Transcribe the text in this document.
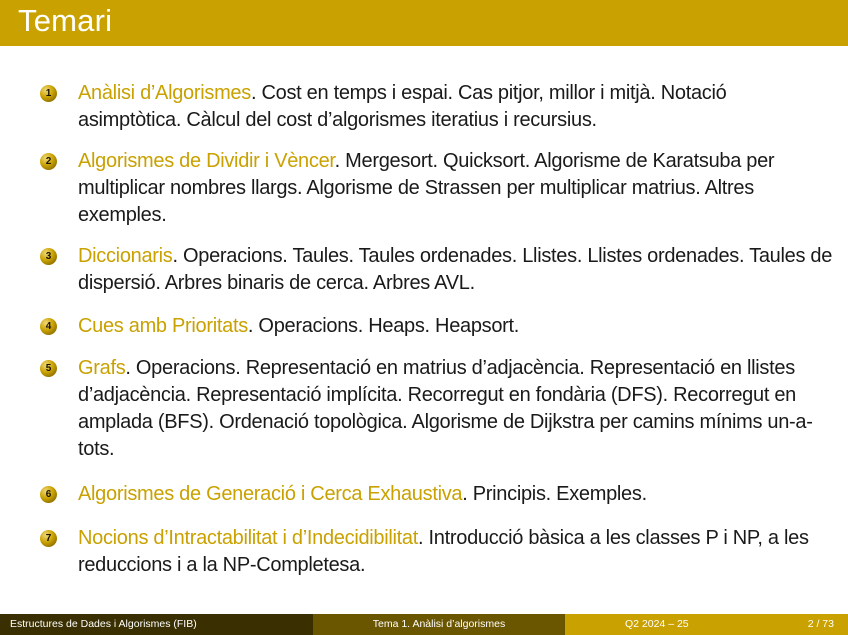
Temari
1 Anàlisi d’Algorismes. Cost en temps i espai. Cas pitjor, millor i mitjà. Notació asimptòtica. Càlcul del cost d’algorismes iteratius i recursius.
2 Algorismes de Dividir i Vèncer. Mergesort. Quicksort. Algorisme de Karatsuba per multiplicar nombres llargs. Algorisme de Strassen per multiplicar matrius. Altres exemples.
3 Diccionaris. Operacions. Taules. Taules ordenades. Llistes. Llistes ordenades. Taules de dispersió. Arbres binaris de cerca. Arbres AVL.
4 Cues amb Prioritats. Operacions. Heaps. Heapsort.
5 Grafs. Operacions. Representació en matrius d’adjacència. Representació en llistes d’adjacència. Representació implícita. Recorregut en fondària (DFS). Recorregut en amplada (BFS). Ordenació topològica. Algorisme de Dijkstra per camins mínims un-a-tots.
6 Algorismes de Generació i Cerca Exhaustiva. Principis. Exemples.
7 Nocions d’Intractabilitat i d’Indecidibilitat. Introducció bàsica a les classes P i NP, a les reduccions i a la NP-Completesa.
Estructures de Dades i Algorismes (FIB)	Tema 1. Anàlisi d’algorismes	Q2 2024 – 25	2 / 73
